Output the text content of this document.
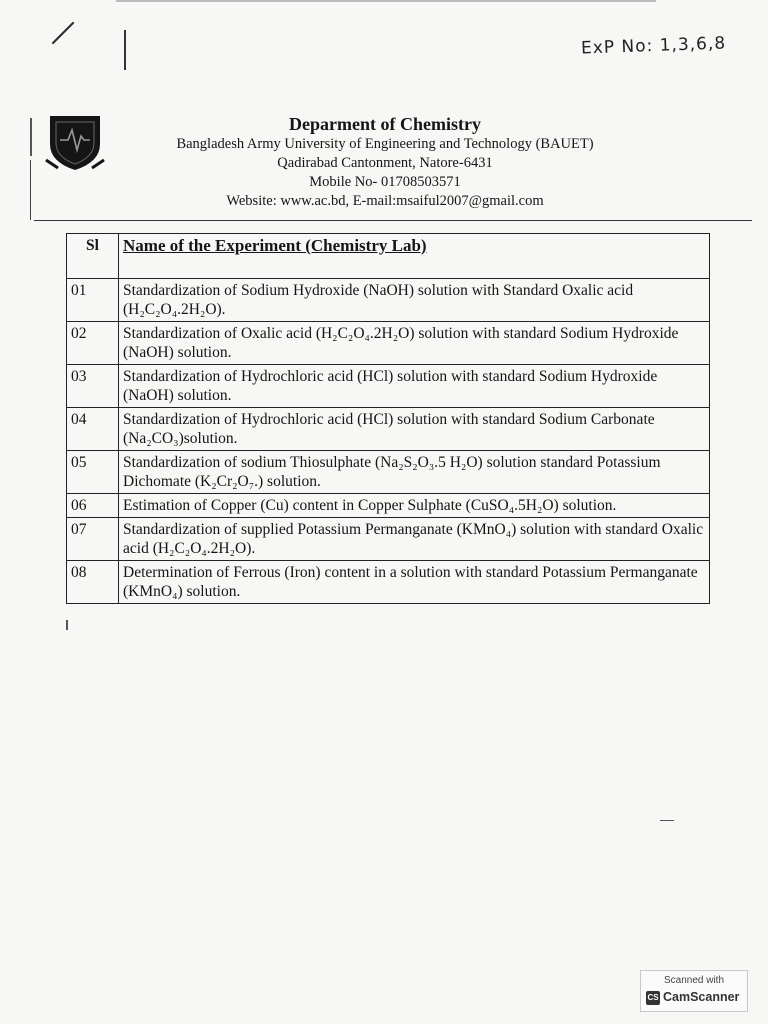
ExP No: 1,3,6,8
Deparment of Chemistry
Bangladesh Army University of Engineering and Technology (BAUET)
Qadirabad Cantonment, Natore-6431
Mobile No- 01708503571
Website: www.ac.bd, E-mail:msaiful2007@gmail.com
Sl	Name of the Experiment (Chemistry Lab)
01	Standardization of Sodium Hydroxide (NaOH) solution with Standard Oxalic acid (H₂C₂O₄.2H₂O).
02	Standardization of Oxalic acid (H₂C₂O₄.2H₂O) solution with standard Sodium Hydroxide (NaOH) solution.
03	Standardization of Hydrochloric acid (HCl) solution with standard Sodium Hydroxide (NaOH) solution.
04	Standardization of Hydrochloric acid (HCl) solution with standard Sodium Carbonate (Na₂CO₃)solution.
05	Standardization of sodium Thiosulphate (Na₂S₂O₃.5 H₂O) solution standard Potassium Dichomate (K₂Cr₂O₇.) solution.
06	Estimation of Copper (Cu) content in Copper Sulphate (CuSO₄.5H₂O) solution.
07	Standardization of supplied Potassium Permanganate (KMnO₄) solution with standard Oxalic acid (H₂C₂O₄.2H₂O).
08	Determination of Ferrous (Iron) content in a solution with standard Potassium Permanganate (KMnO₄) solution.
Scanned with
CS CamScanner
